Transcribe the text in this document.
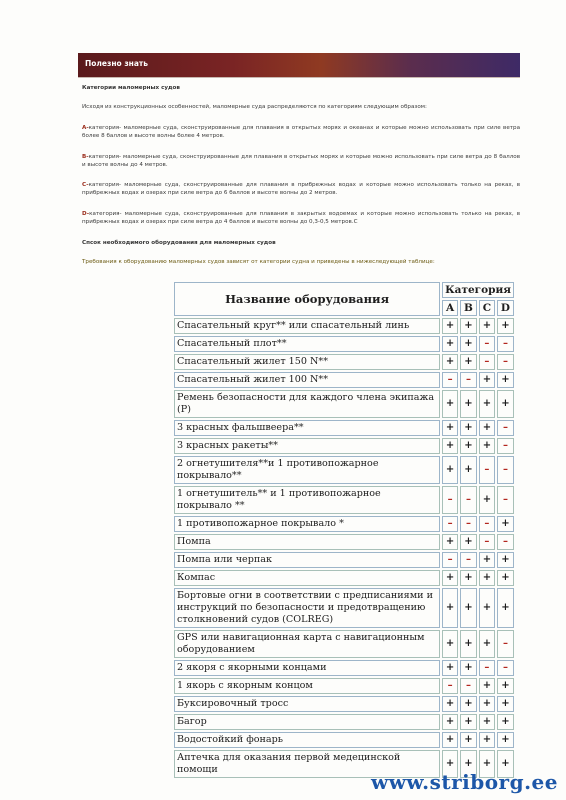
Полезно знать
Категории маломерных судов
Исходя из конструкционных особенностей, маломерные суда распределяются по категориям следующим образом:
A-категория- маломерные суда, сконструированные для плавания в открытых морях и океанах и которые можно использовать при силе ветра более 8 баллов и высоте волны более 4 метров.
B-категория- маломерные суда, сконструированные для плавания в открытых морях и которые можно использовать при силе ветра до 8 баллов и высоте волны до 4 метров.
C-категория- маломерные суда, сконструированные для плавания в прибрежных водах и которые можно использовать только на реках, в прибрежных водах и озерах при силе ветра до 6 баллов и высоте волны до 2 метров.
D-категория- маломерные суда, сконструированные для плавания в закрытых водоемах и которые можно использовать только на реках, в прибрежных водах и озерах при силе ветра до 4 баллов и высоте волны до 0,3-0,5 метров.С
Спсок необходимого оборудования для маломерных судов
Требования к оборудованию маломерных судов зависят от категории судна и приведены в нижеследующей таблице:
Название оборудования	Категория			
	A	B	C	D
Спасательный круг** или спасательный линь	+	+	+	+
Спасательный плот**	+	+	–	–
Спасательный жилет 150 N**	+	+	–	–
Спасательный жилет 100 N**	–	–	+	+
Ремень безопасности для каждого члена экипажа (Р)	+	+	+	+
3 красных фальшвеера**	+	+	+	–
3 красных ракеты**	+	+	+	–
2 огнетушителя**и 1 противопожарное покрывало**	+	+	–	–
1 огнетушитель** и 1 противопожарное покрывало **	–	–	+	–
1 противопожарное покрывало *	–	–	–	+
Помпа	+	+	–	–
Помпа или черпак	–	–	+	+
Компас	+	+	+	+
Бортовые огни в соответствии с предписаниями и инструкций по безопасности и предотвращению столкновений судов (COLREG)	+	+	+	+
GPS или навигационная карта с навигационным оборудованием	+	+	+	–
2 якоря с якорными концами	+	+	–	–
1 якорь с якорным концом	–	–	+	+
Буксировочный тросс	+	+	+	+
Багор	+	+	+	+
Водостойкий фонарь	+	+	+	+
Аптечка для оказания первой медецинской помощи	+	+	+	+
www.striborg.ee
